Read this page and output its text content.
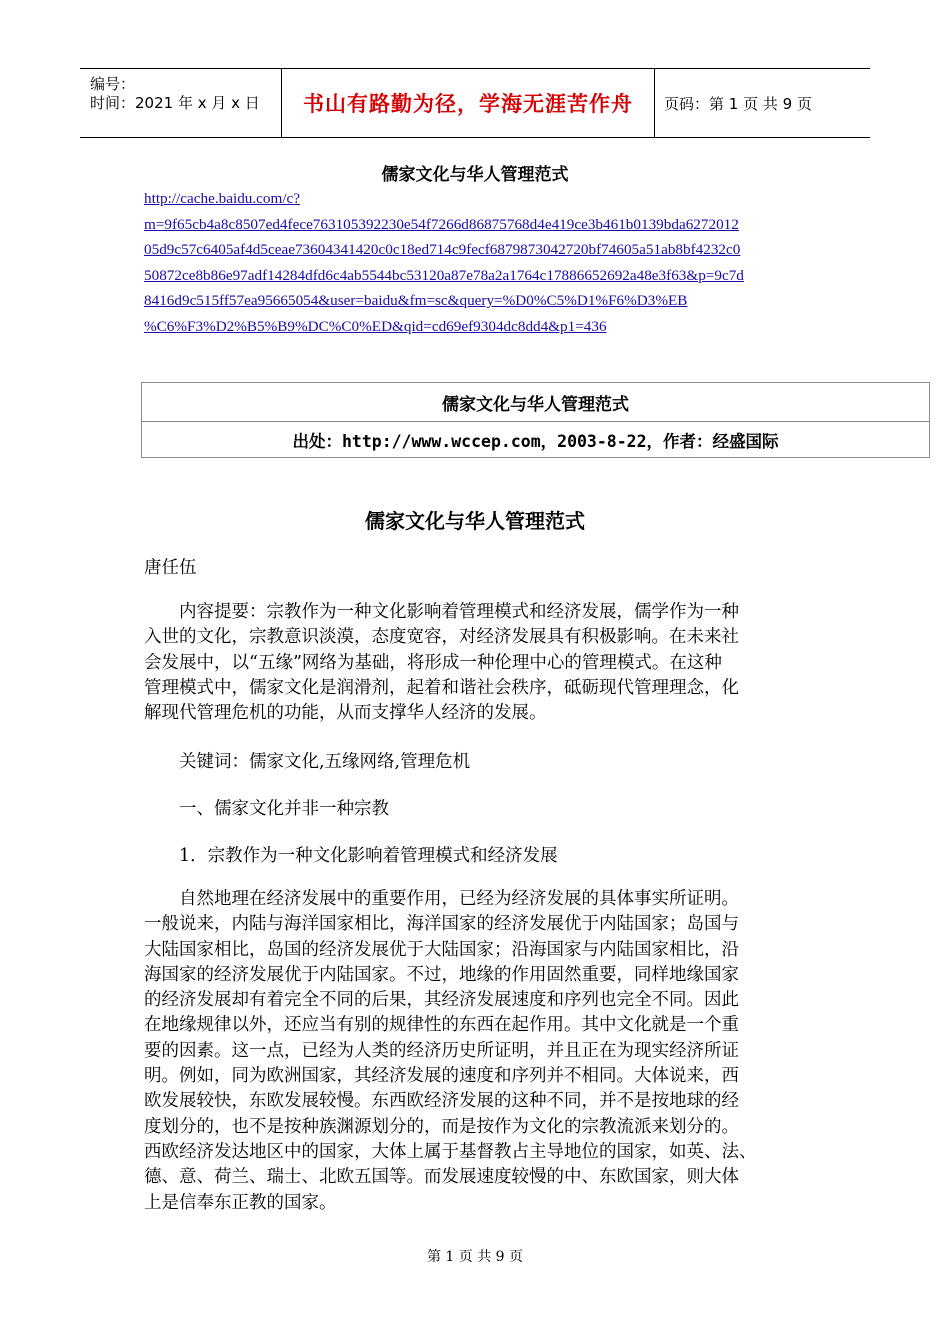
编号：
时间：2021 年 x 月 x 日 书山有路勤为径，学海无涯苦作舟 页码：第 1 页 共 9 页
儒家文化与华人管理范式
http://cache.baidu.com/c?
m=9f65cb4a8c8507ed4fece763105392230e54f7266d86875768d4e419ce3b461b0139bda6272012
05d9c57c6405af4d5ceae73604341420c0c18ed714c9fecf6879873042720bf74605a51ab8bf4232c0
50872ce8b86e97adf14284dfd6c4ab5544bc53120a87e78a2a1764c17886652692a48e3f63&p=9c7d
8416d9c515ff57ea95665054&user=baidu&fm=sc&query=%D0%C5%D1%F6%D3%EB
%C6%F3%D2%B5%B9%DC%C0%ED&qid=cd69ef9304dc8dd4&p1=436
儒家文化与华人管理范式
出处：http://www.wccep.com，2003-8-22，作者：经盛国际
儒家文化与华人管理范式
唐任伍
　　内容提要：宗教作为一种文化影响着管理模式和经济发展，儒学作为一种
入世的文化，宗教意识淡漠，态度宽容，对经济发展具有积极影响。在未来社
会发展中，以“五缘”网络为基础，将形成一种伦理中心的管理模式。在这种
管理模式中，儒家文化是润滑剂，起着和谐社会秩序，砥砺现代管理理念，化
解现代管理危机的功能，从而支撑华人经济的发展。
　　关键词：儒家文化,五缘网络,管理危机
　　一、儒家文化并非一种宗教
　　1．宗教作为一种文化影响着管理模式和经济发展
　　自然地理在经济发展中的重要作用，已经为经济发展的具体事实所证明。
一般说来，内陆与海洋国家相比，海洋国家的经济发展优于内陆国家；岛国与
大陆国家相比，岛国的经济发展优于大陆国家；沿海国家与内陆国家相比，沿
海国家的经济发展优于内陆国家。不过，地缘的作用固然重要，同样地缘国家
的经济发展却有着完全不同的后果，其经济发展速度和序列也完全不同。因此
在地缘规律以外，还应当有别的规律性的东西在起作用。其中文化就是一个重
要的因素。这一点，已经为人类的经济历史所证明，并且正在为现实经济所证
明。例如，同为欧洲国家，其经济发展的速度和序列并不相同。大体说来，西
欧发展较快，东欧发展较慢。东西欧经济发展的这种不同，并不是按地球的经
度划分的，也不是按种族渊源划分的，而是按作为文化的宗教流派来划分的。
西欧经济发达地区中的国家，大体上属于基督教占主导地位的国家，如英、法、
德、意、荷兰、瑞士、北欧五国等。而发展速度较慢的中、东欧国家，则大体
上是信奉东正教的国家。
第 1 页 共 9 页
